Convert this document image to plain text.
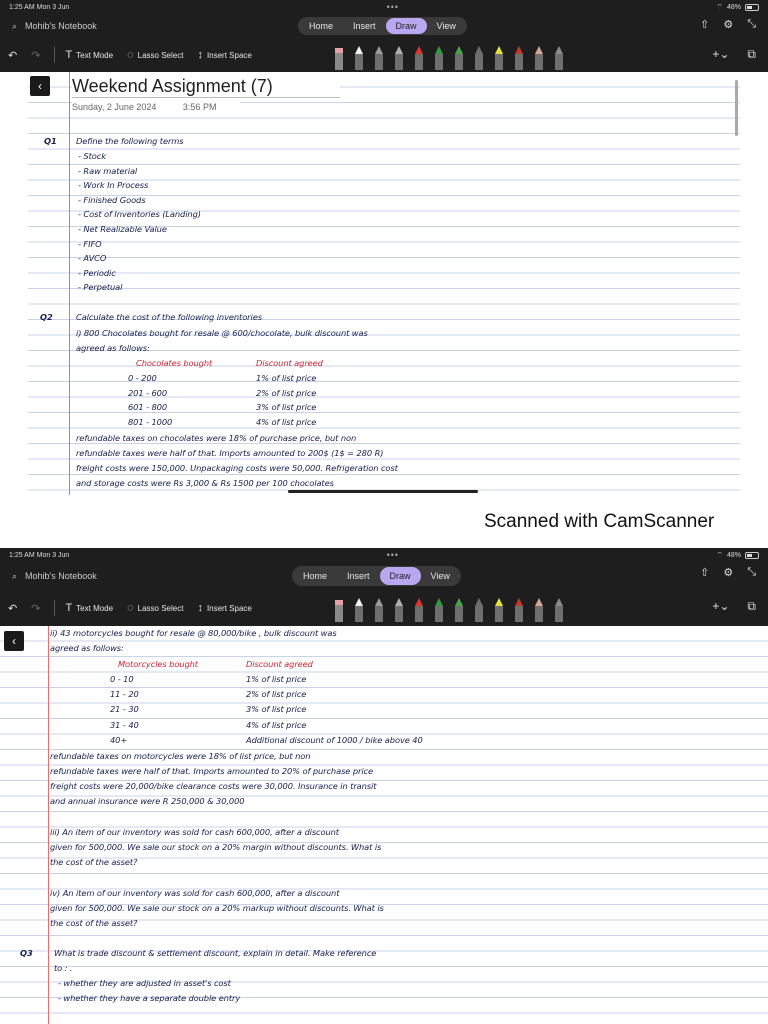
1:25 AM Mon 3 Jun	•••	⌔ 48%
⌕ Mohib's Notebook	Home	Insert	Draw	View	⇧ ⚙ ⤡
↶ ↷ T Text Mode ◌ Lasso Select ↕ Insert Space	+⌄ ⧉
Weekend Assignment (7)
Sunday, 2 June 2024	3:56 PM
Q1 Define the following terms
Q2	Calculate the cost of the following inventories
i) 800 Chocolates bought for resale @ 600/chocolate, bulk discount was
agreed as follows:
Chocolates bought	Discount agreed
refundable taxes on chocolates were 18% of purchase price, but non
refundable taxes were half of that. Imports amounted to 200$ (1$ = 280 R)
freight costs were 150,000. Unpackaging costs were 50,000. Refrigeration cost
and storage costs were Rs 3,000 & Rs 1500 per 100 chocolates
- Stock
- Raw material
- Work In Process
- Finished Goods
- Cost of Inventories (Landing)
- Net Realizable Value
- FIFO
- AVCO
- Periodic
- Perpetual
0 - 200	1% of list price
201 - 600	2% of list price
601 - 800	3% of list price
801 - 1000	4% of list price
‹
Scanned with CamScanner
1:25 AM Mon 3 Jun	•••	⌔ 48%
⌕ Mohib's Notebook	Home	Insert	Draw	View	⇧ ⚙ ⤡
↶ ↷ T Text Mode ◌ Lasso Select ↕ Insert Space	+⌄ ⧉
ii) 43 motorcycles bought for resale @ 80,000/bike , bulk discount was
agreed as follows:
Motorcycles bought	Discount agreed
refundable taxes on motorcycles were 18% of list price, but non
refundable taxes were half of that. Imports amounted to 20% of purchase price
freight costs were 20,000/bike clearance costs were 30,000. Insurance in transit
and annual insurance were R 250,000 & 30,000
iii) An item of our inventory was sold for cash 600,000, after a discount
given for 500,000. We sale our stock on a 20% margin without discounts. What is
the cost of the asset?
iv) An item of our inventory was sold for cash 600,000, after a discount
given for 500,000. We sale our stock on a 20% markup without discounts. What is
the cost of the asset?
Q3	What is trade discount & settlement discount, explain in detail. Make reference
to : .
- whether they are adjusted in asset's cost
- whether they have a separate double entry
0 - 10	1% of list price
11 - 20	2% of list price
21 - 30	3% of list price
31 - 40	4% of list price
40+	Additional discount of 1000 / bike above 40
‹
